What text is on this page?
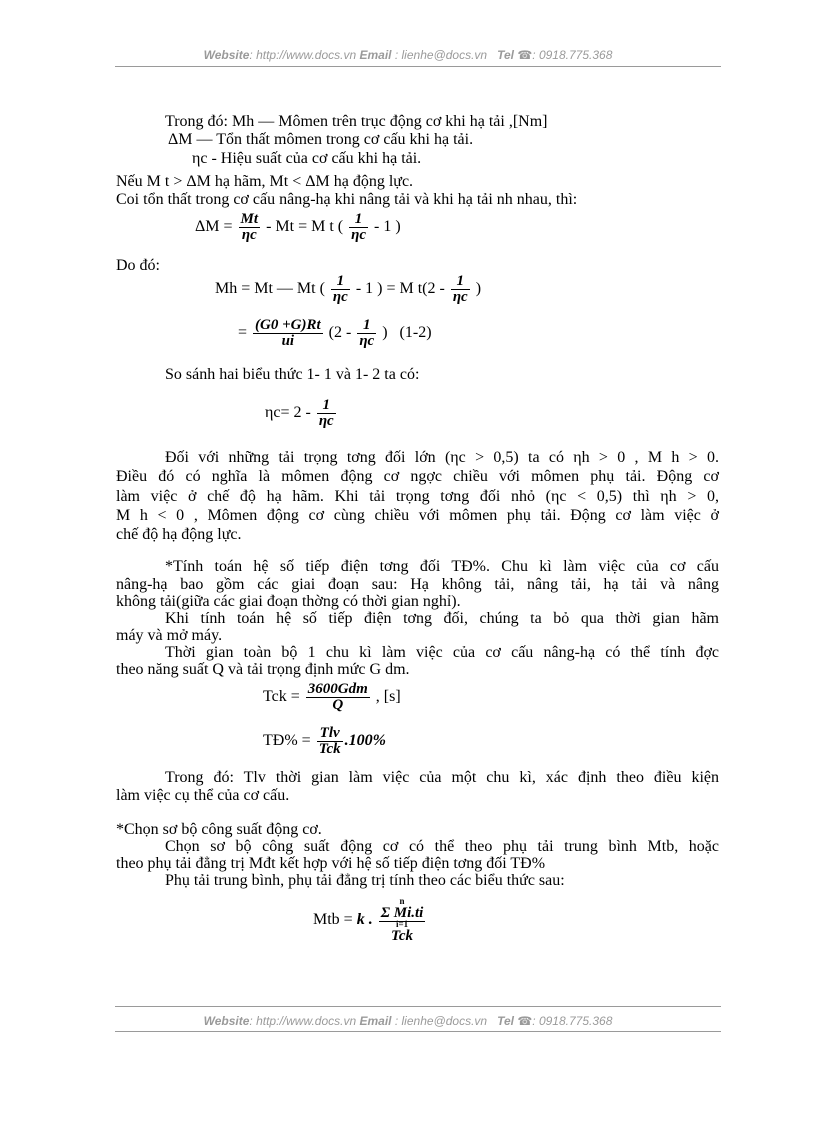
Website: http://www.docs.vn Email : lienhe@docs.vn Tel ☎: 0918.775.368
Trong đó: Mh — Mômen trên trục động cơ khi hạ tải ,[Nm]
ΔM — Tổn thất mômen trong cơ cấu khi hạ tải.
ηc - Hiệu suất của cơ cấu khi hạ tải.
Nếu M t > ΔM hạ hãm, Mt < ΔM hạ động lực.
Coi tổn thất trong cơ cấu nâng-hạ khi nâng tải và khi hạ tải nh nhau, thì:
$\Delta M = \frac{Mt}{\eta c} - Mt = M$ t ( $\frac{1}{\eta c} - 1$ )
Do đó:
Mh = Mt — Mt ( $\frac{1}{\eta c} - 1$ ) = M $t(2 - \frac{1}{\eta c}$ )
= $\frac{(G0 +G)Rt}{ui} (2 - \frac{1}{\eta c}$ ) (1-2)
So sánh hai biểu thức 1- 1 và 1- 2 ta có:
$\eta c= 2 - \frac{1}{\eta c}$
Đối với những tải trọng tơng đối lớn (ηc > 0,5) ta có ηh > 0 , M h > 0.
Điều đó có nghĩa là mômen động cơ ngợc chiều với mômen phụ tải. Động cơ
làm việc ở chế độ hạ hãm. Khi tải trọng tơng đối nhỏ (ηc < 0,5) thì ηh > 0,
M h < 0 , Mômen động cơ cùng chiều với mômen phụ tải. Động cơ làm việc ở
chế độ hạ động lực.
*Tính toán hệ số tiếp điện tơng đối TĐ%. Chu kì làm việc của cơ cấu
nâng-hạ bao gồm các giai đoạn sau: Hạ không tải, nâng tải, hạ tải và nâng
không tải(giữa các giai đoạn thờng có thời gian nghỉ).
Khi tính toán hệ số tiếp điện tơng đối, chúng ta bỏ qua thời gian hãm
máy và mở máy.
Thời gian toàn bộ 1 chu kì làm việc của cơ cấu nâng-hạ có thể tính đợc
theo năng suất Q và tải trọng định mức G dm.
Tck = $\frac{\text{3600Gdm}}{Q}$ , [s]
TĐ% = $\frac{\text{Tlv}}{\text{Tck}} .100\%$
Trong đó: Tlv thời gian làm việc của một chu kì, xác định theo điều kiện
làm việc cụ thể của cơ cấu.
*Chọn sơ bộ công suất động cơ.
Chọn sơ bộ công suất động cơ có thể theo phụ tải trung bình Mtb, hoặc
theo phụ tải đẳng trị Mđt kết hợp với hệ số tiếp điện tơng đối TĐ%
Phụ tải trung bình, phụ tải đẳng trị tính theo các biểu thức sau:
Mtb = k .
n
Σ Mi.ti
i=1
Tck
Website: http://www.docs.vn Email : lienhe@docs.vn Tel ☎: 0918.775.368
